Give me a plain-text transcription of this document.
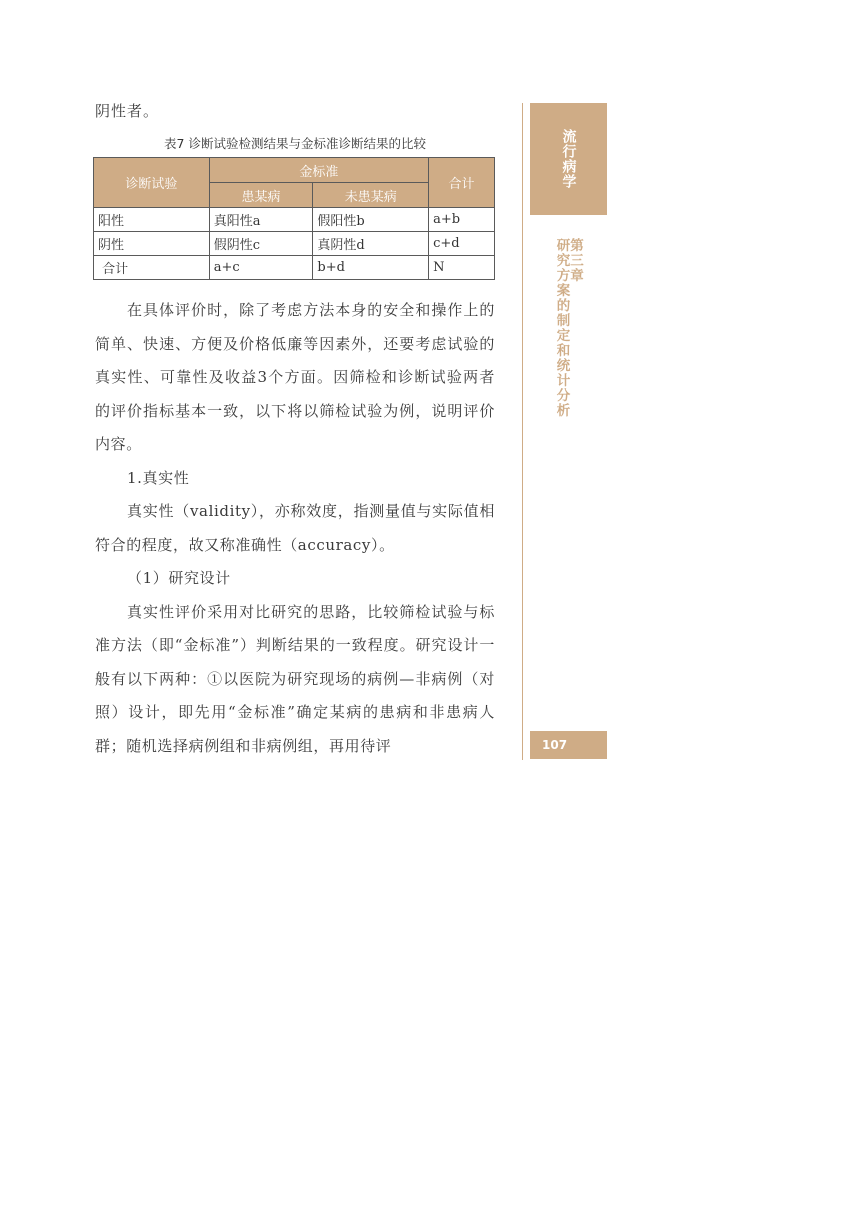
阴性者。
表7 诊断试验检测结果与金标准诊断结果的比较
诊断试验	金标准		合计
	患某病	未患某病	
阳性	真阳性a	假阳性b	a+b
阴性	假阴性c	真阴性d	c+d
合计	a+c	b+d	N

在具体评价时，除了考虑方法本身的安全和操作上的简单、快速、方便及价格低廉等因素外，还要考虑试验的真实性、可靠性及收益3个方面。因筛检和诊断试验两者的评价指标基本一致，以下将以筛检试验为例，说明评价内容。

1.真实性

真实性（validity），亦称效度，指测量值与实际值相符合的程度，故又称准确性（accuracy）。

（1）研究设计

真实性评价采用对比研究的思路，比较筛检试验与标准方法（即“金标准”）判断结果的一致程度。研究设计一般有以下两种：①以医院为研究现场的病例—非病例（对照）设计，即先用“金标准”确定某病的患病和非患病人群；随机选择病例组和非病例组，再用待评

流行病学
第三章
研究方案的制定和统计分析
107
